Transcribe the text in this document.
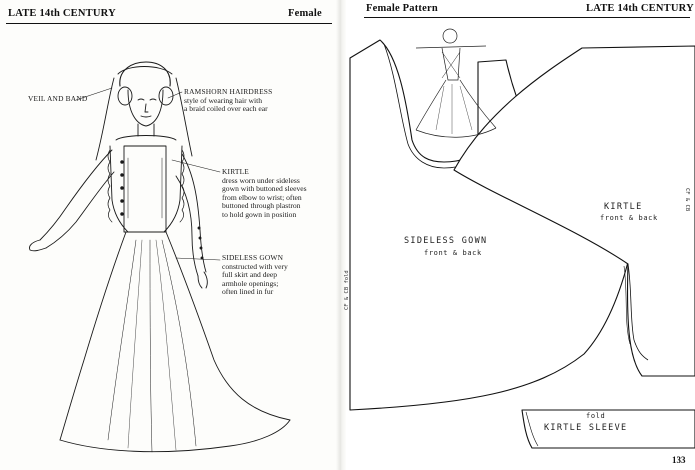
LATE 14th CENTURY	Female
VEIL AND BAND
RAMSHORN HAIRDRESS
style of wearing hair with
a braid coiled over each ear
KIRTLE
dress worn under sideless
gown with buttoned sleeves
from elbow to wrist; often
buttoned through plastron
to hold gown in position
SIDELESS GOWN
constructed with very
full skirt and deep
armhole openings;
often lined in fur
Female Pattern	LATE 14th CENTURY
SIDELESS GOWN
front & back
CF & CB fold
KIRTLE
front & back
CF & CB
fold
KIRTLE SLEEVE
133
